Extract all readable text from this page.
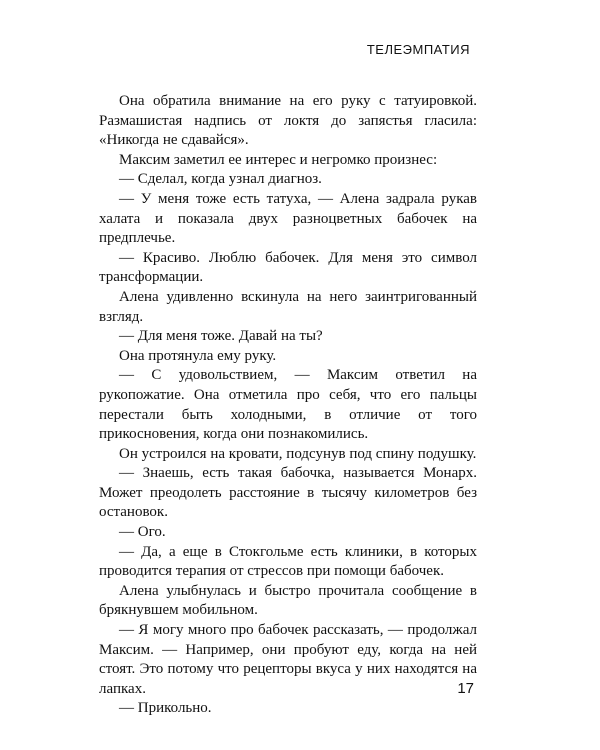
ТЕЛЕЭМПАТИЯ

Она обратилa внимание на его руку с татуировкой. Размашистая надпись от локтя до запястья гласила: «Никогда не сдавайся».

Максим заметил ее интерес и негромко произнес:

— Сделал, когда узнал диагноз.

— У меня тоже есть татуха, — Алена задрала рукав халата и показала двух разноцветных бабочек на предплечье.

— Красиво. Люблю бабочек. Для меня это символ трансформации.

Алена удивленно вскинула на него заинтригованный взгляд.

— Для меня тоже. Давай на ты?

Она протянула ему руку.

— С удовольствием, — Максим ответил на рукопожатие. Она отметила про себя, что его пальцы перестали быть холодными, в отличие от того прикосновения, когда они познакомились.

Он устроился на кровати, подсунув под спину подушку.

— Знаешь, есть такая бабочка, называется Монарх. Может преодолеть расстояние в тысячу километров без остановок.

— Ого.

— Да, а еще в Стокгольме есть клиники, в которых проводится терапия от стрессов при помощи бабочек.

Алена улыбнулась и быстро прочитала сообщение в брякнувшем мобильном.

— Я могу много про бабочек рассказать, — продолжал Максим. — Например, они пробуют еду, когда на ней стоят. Это потому что рецепторы вкуса у них находятся на лапках.

— Прикольно.

17
